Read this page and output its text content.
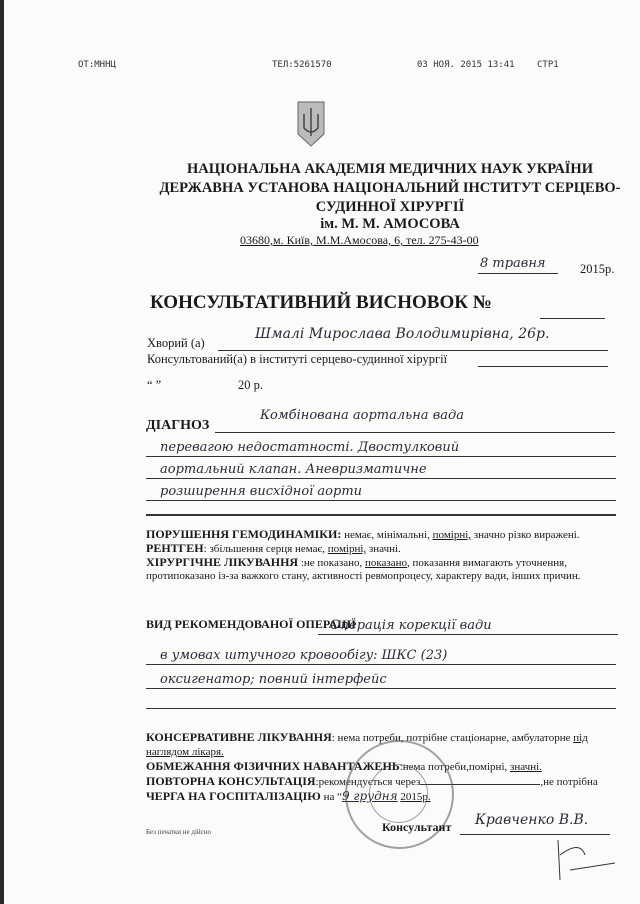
ОТ:МННЦ	ТЕЛ:5261570	03 НОЯ. 2015 13:41 СТР1
НАЦІОНАЛЬНА АКАДЕМІЯ МЕДИЧНИХ НАУК УКРАЇНИ
ДЕРЖАВНА УСТАНОВА НАЦІОНАЛЬНИЙ ІНСТИТУТ СЕРЦЕВО-
СУДИННОЇ ХІРУРГІЇ
ім. М. М. АМОСОВА
03680,м. Київ, М.М.Амосова, 6, тел. 275-43-00
8 травня	2015р.
КОНСУЛЬТАТИВНИЙ ВИСНОВОК №
Хворий (а)
Шмалі Мирослава Володимирівна, 26р.
Консультований(а) в інституті серцево-судинної хірургії
“ ”	20 р.
ДІАГНОЗ
Комбінована аортальна вада
перевагою недостатності. Двостулковий
аортальний клапан. Аневризматичне
розширення висхідної аорти
ПОРУШЕННЯ ГЕМОДИНАМІКИ: немає, мінімальні, помірні, значно різко виражені.
РЕНТГЕН: збільшення серця немає, помірні, значні.
ХІРУРГІЧНЕ ЛІКУВАННЯ :не показано, показано, показання вимагають уточнення, протипоказано із-за важкого стану, активності ревмопроцесу, характеру вади, інших причин.
ВИД РЕКОМЕНДОВАНОЇ ОПЕРАЦІЇ
Операція корекції вади
в умовах штучного кровообігу: ШКС (23)
оксигенатор; повний інтерфейс
КОНСЕРВАТИВНЕ ЛІКУВАННЯ: нема потреби, потрібне стаціонарне, амбулаторне під наглядом лікаря.
ОБМЕЖАННЯ ФІЗИЧНИХ НАВАНТАЖЕНЬ:нема потреби,помірні, значні.
ПОВТОРНА КОНСУЛЬТАЦІЯ:рекомендується через	,не потрібна
ЧЕРГА НА ГОСПІТАЛІЗАЦІЮ на “9 грудня 2015р.
Консультант Кравченко В.В.
Без печатки не дійсно
